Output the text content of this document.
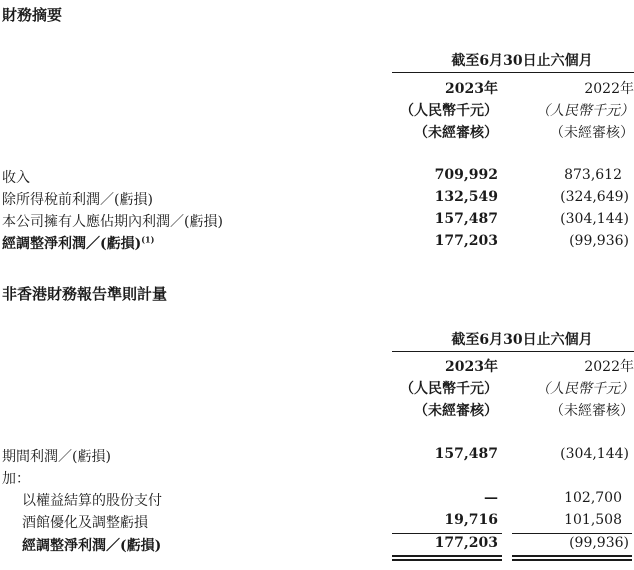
財務摘要
截至6月30日止六個月
2023年	2022年
（人民幣千元）	（人民幣千元）
（未經審核）	（未經審核）
收入	709,992	873,612
除所得稅前利潤／(虧損)	132,549	(324,649)
本公司擁有人應佔期內利潤／(虧損)	157,487	(304,144)
經調整淨利潤／(虧損)$^{(1)}$	177,203	(99,936)
非香港財務報告準則計量
截至6月30日止六個月
2023年	2022年
（人民幣千元）	（人民幣千元）
（未經審核）	（未經審核）
期間利潤／(虧損)	157,487	(304,144)
加：
以權益結算的股份支付	—	102,700
酒館優化及調整虧損	19,716	101,508
經調整淨利潤／(虧損)	177,203	(99,936)
